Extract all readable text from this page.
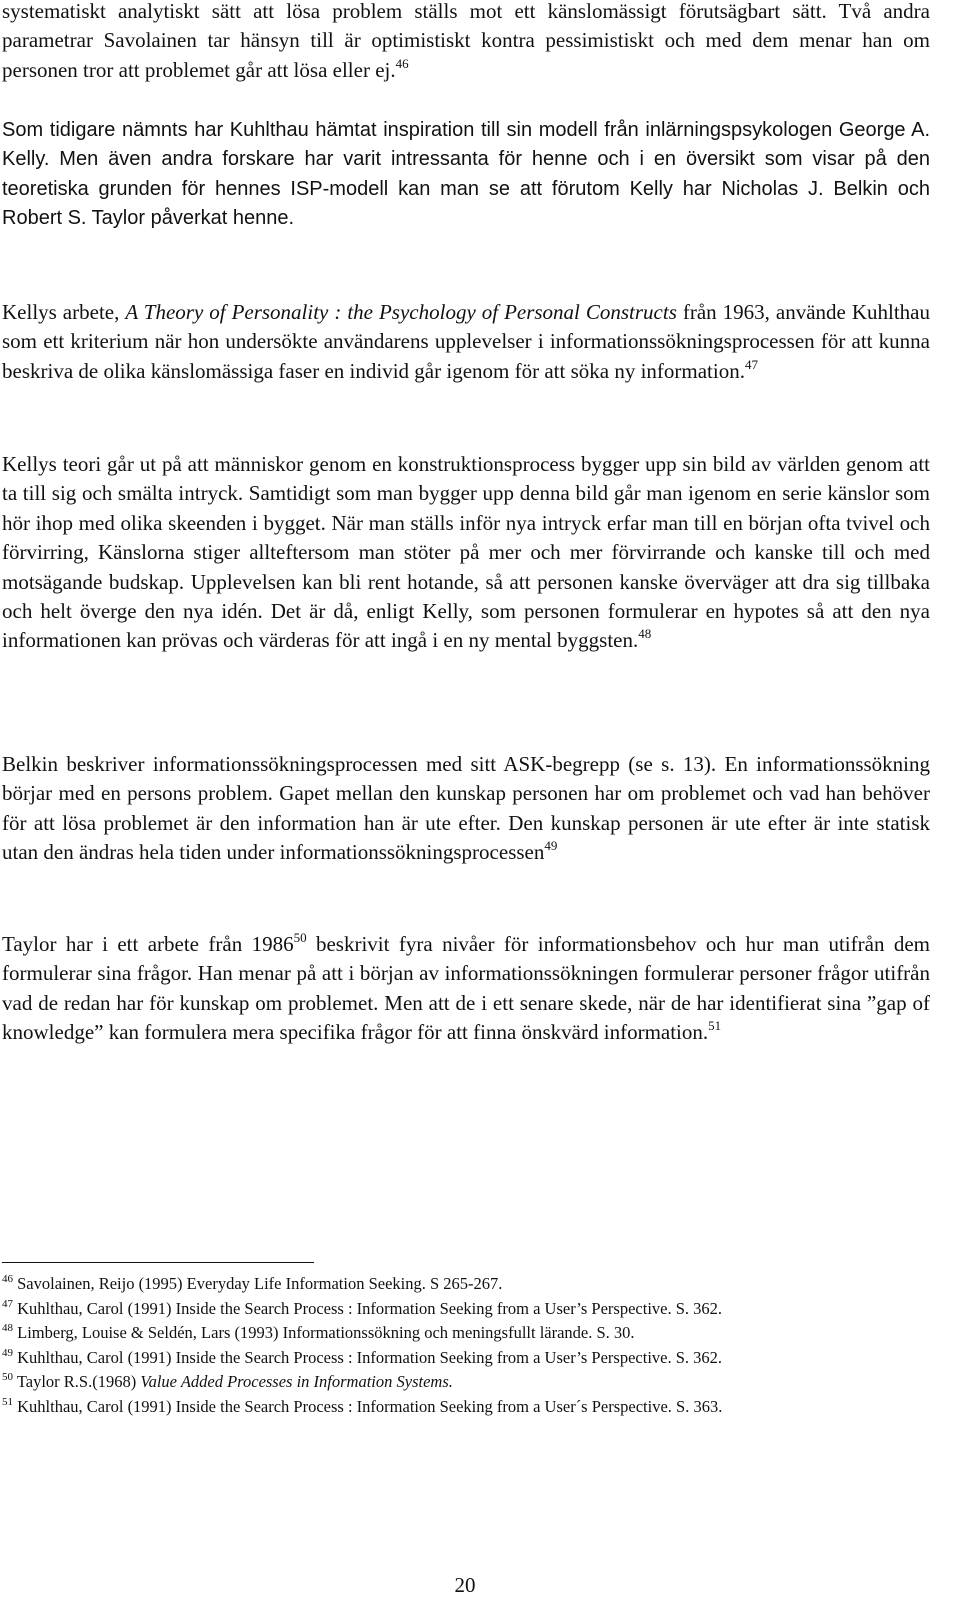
systematiskt analytiskt sätt att lösa problem ställs mot ett känslomässigt förutsägbart sätt. Två andra parametrar Savolainen tar hänsyn till är optimistiskt kontra pessimistiskt och med dem menar han om personen tror att problemet går att lösa eller ej.$^{46}$

Som tidigare nämnts har Kuhlthau hämtat inspiration till sin modell från inlärningspsykologen George A. Kelly. Men även andra forskare har varit intressanta för henne och i en översikt som visar på den teoretiska grunden för hennes ISP-modell kan man se att förutom Kelly har Nicholas J. Belkin och Robert S. Taylor påverkat henne.

Kellys arbete, A Theory of Personality : the Psychology of Personal Constructs från 1963, använde Kuhlthau som ett kriterium när hon undersökte användarens upplevelser i informationssökningsprocessen för att kunna beskriva de olika känslomässiga faser en individ går igenom för att söka ny information.$^{47}$

Kellys teori går ut på att människor genom en konstruktionsprocess bygger upp sin bild av världen genom att ta till sig och smälta intryck. Samtidigt som man bygger upp denna bild går man igenom en serie känslor som hör ihop med olika skeenden i bygget. När man ställs inför nya intryck erfar man till en början ofta tvivel och förvirring, Känslorna stiger allteftersom man stöter på mer och mer förvirrande och kanske till och med motsägande budskap. Upplevelsen kan bli rent hotande, så att personen kanske överväger att dra sig tillbaka och helt överge den nya idén. Det är då, enligt Kelly, som personen formulerar en hypotes så att den nya informationen kan prövas och värderas för att ingå i en ny mental byggsten.$^{48}$

Belkin beskriver informationssökningsprocessen med sitt ASK-begrepp (se s. 13). En informationssökning börjar med en persons problem. Gapet mellan den kunskap personen har om problemet och vad han behöver för att lösa problemet är den information han är ute efter. Den kunskap personen är ute efter är inte statisk utan den ändras hela tiden under informationssökningsprocessen$^{49}$

Taylor har i ett arbete från 1986$^{50}$ beskrivit fyra nivåer för informationsbehov och hur man utifrån dem formulerar sina frågor. Han menar på att i början av informationssökningen formulerar personer frågor utifrån vad de redan har för kunskap om problemet. Men att de i ett senare skede, när de har identifierat sina ”gap of knowledge” kan formulera mera specifika frågor för att finna önskvärd information.$^{51}$

$^{46}$ Savolainen, Reijo (1995) Everyday Life Information Seeking. S 265-267.

$^{47}$ Kuhlthau, Carol (1991) Inside the Search Process : Information Seeking from a User’s Perspective. S. 362.

$^{48}$ Limberg, Louise & Seldén, Lars (1993) Informationssökning och meningsfullt lärande. S. 30.

$^{49}$ Kuhlthau, Carol (1991) Inside the Search Process : Information Seeking from a User’s Perspective. S. 362.

$^{50}$ Taylor R.S.(1968) Value Added Processes in Information Systems.

$^{51}$ Kuhlthau, Carol (1991) Inside the Search Process : Information Seeking from a User´s Perspective. S. 363.

20
